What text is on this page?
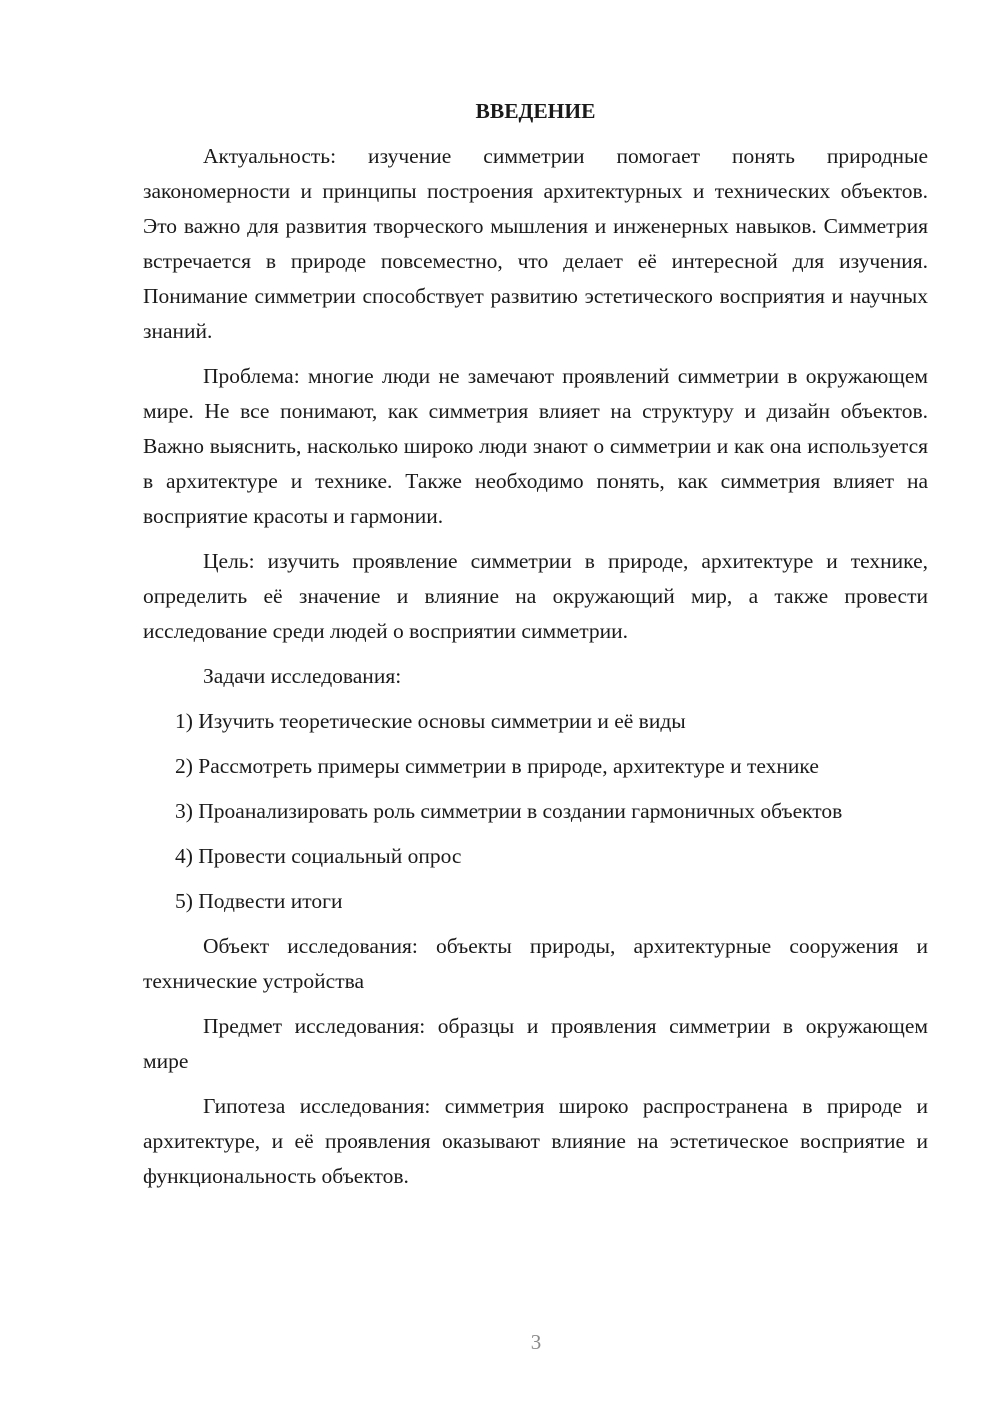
ВВЕДЕНИЕ

Актуальность: изучение симметрии помогает понять природные закономерности и принципы построения архитектурных и технических объектов. Это важно для развития творческого мышления и инженерных навыков. Симметрия встречается в природе повсеместно, что делает её интересной для изучения. Понимание симметрии способствует развитию эстетического восприятия и научных знаний.

Проблема: многие люди не замечают проявлений симметрии в окружающем мире. Не все понимают, как симметрия влияет на структуру и дизайн объектов. Важно выяснить, насколько широко люди знают о симметрии и как она используется в архитектуре и технике. Также необходимо понять, как симметрия влияет на восприятие красоты и гармонии.

Цель: изучить проявление симметрии в природе, архитектуре и технике, определить её значение и влияние на окружающий мир, а также провести исследование среди людей о восприятии симметрии.

Задачи исследования:

1) Изучить теоретические основы симметрии и её виды

2) Рассмотреть примеры симметрии в природе, архитектуре и технике

3) Проанализировать роль симметрии в создании гармоничных объектов

4) Провести социальный опрос

5) Подвести итоги

Объект исследования: объекты природы, архитектурные сооружения и технические устройства

Предмет исследования: образцы и проявления симметрии в окружающем мире

Гипотеза исследования: симметрия широко распространена в природе и архитектуре, и её проявления оказывают влияние на эстетическое восприятие и функциональность объектов.

3
